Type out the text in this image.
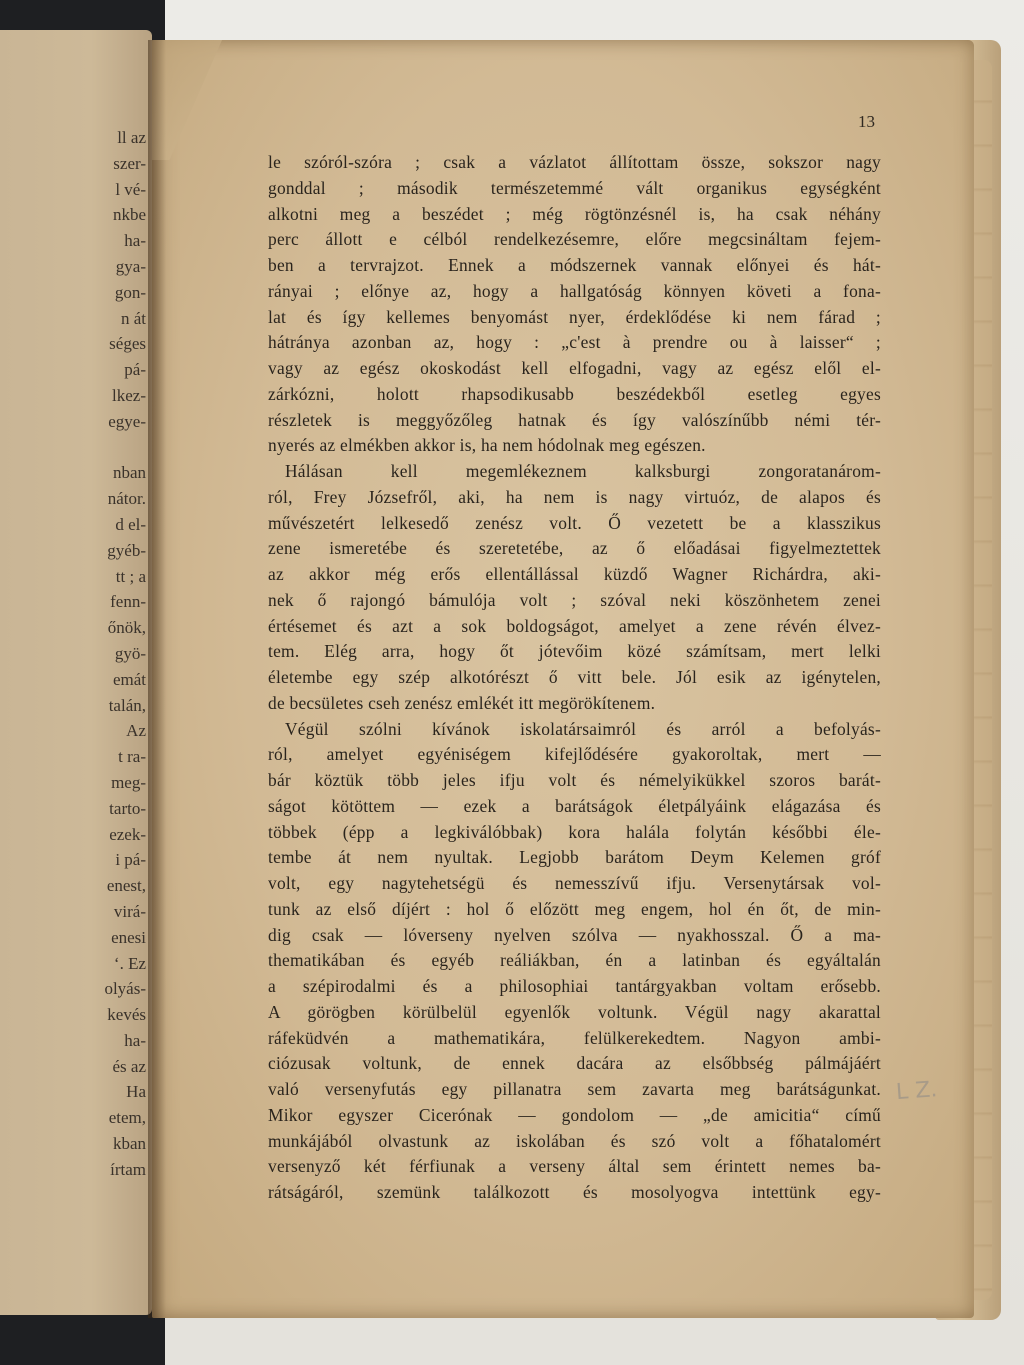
ll az
szer-
l vé-
nkbe
ha-
gya-
gon-
n át
séges
pá-
lkez-
egye-
nban
nátor.
d el-
gyéb-
tt ; a
fenn-
őnök,
gyö-
emát
talán,
Az
t ra-
meg-
tarto-
ezek-
i pá-
enest,
virá-
enesi
‘. Ez
olyás-
kevés
ha-
és az
Ha
etem,
kban
írtam
13
le szóról-szóra ; csak a vázlatot állítottam össze, sokszor nagy
gonddal ; második természetemmé vált organikus egységként
alkotni meg a beszédet ; még rögtönzésnél is, ha csak néhány
perc állott e célból rendelkezésemre, előre megcsináltam fejem-
ben a tervrajzot. Ennek a módszernek vannak előnyei és hát-
rányai ; előnye az, hogy a hallgatóság könnyen követi a fona-
lat és így kellemes benyomást nyer, érdeklődése ki nem fárad ;
hátránya azonban az, hogy : „c'est à prendre ou à laisser“ ;
vagy az egész okoskodást kell elfogadni, vagy az egész elől el-
zárkózni, holott rhapsodikusabb beszédekből esetleg egyes
részletek is meggyőzőleg hatnak és így valószínűbb némi tér-
nyerés az elmékben akkor is, ha nem hódolnak meg egészen.
Hálásan kell megemlékeznem kalksburgi zongoratanárom-
ról, Frey Józsefről, aki, ha nem is nagy virtuóz, de alapos és
művészetért lelkesedő zenész volt. Ő vezetett be a klasszikus
zene ismeretébe és szeretetébe, az ő előadásai figyelmeztettek
az akkor még erős ellentállással küzdő Wagner Richárdra, aki-
nek ő rajongó bámulója volt ; szóval neki köszönhetem zenei
értésemet és azt a sok boldogságot, amelyet a zene révén élvez-
tem. Elég arra, hogy őt jótevőim közé számítsam, mert lelki
életembe egy szép alkotórészt ő vitt bele. Jól esik az igénytelen,
de becsületes cseh zenész emlékét itt megörökítenem.
Végül szólni kívánok iskolatársaimról és arról a befolyás-
ról, amelyet egyéniségem kifejlődésére gyakoroltak, mert —
bár köztük több jeles ifju volt és némelyikükkel szoros barát-
ságot kötöttem — ezek a barátságok életpályáink elágazása és
többek (épp a legkiválóbbak) kora halála folytán későbbi éle-
tembe át nem nyultak. Legjobb barátom Deym Kelemen gróf
volt, egy nagytehetségü és nemesszívű ifju. Versenytársak vol-
tunk az első díjért : hol ő előzött meg engem, hol én őt, de min-
dig csak — lóverseny nyelven szólva — nyakhosszal. Ő a ma-
thematikában és egyéb reáliákban, én a latinban és egyáltalán
a szépirodalmi és a philosophiai tantárgyakban voltam erősebb.
A görögben körülbelül egyenlők voltunk. Végül nagy akarattal
ráfeküdvén a mathematikára, felülkerekedtem. Nagyon ambi-
ciózusak voltunk, de ennek dacára az elsőbbség pálmájáért
való versenyfutás egy pillanatra sem zavarta meg barátságunkat.
Mikor egyszer Cicerónak — gondolom — „de amicitia“ című
munkájából olvastunk az iskolában és szó volt a főhatalomért
versenyző két férfiunak a verseny által sem érintett nemes ba-
rátságáról, szemünk találkozott és mosolyogva intettünk egy-
L Z.
